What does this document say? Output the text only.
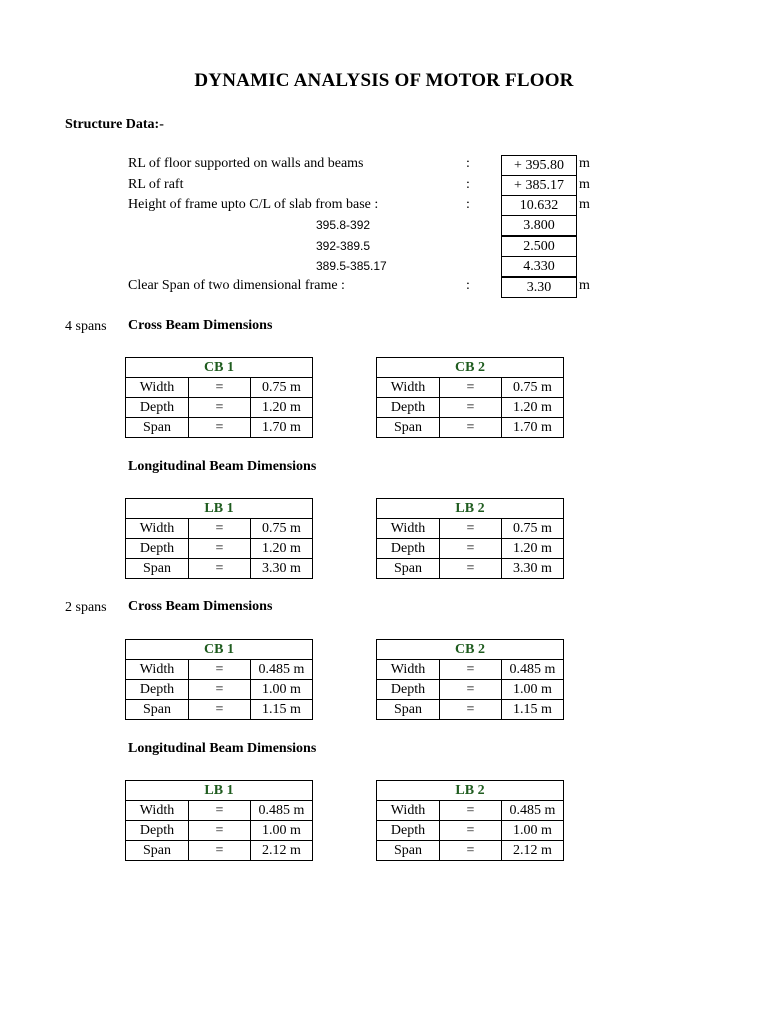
DYNAMIC ANALYSIS OF MOTOR FLOOR
Structure Data:-
RL of floor supported on walls and beams	:	+ 395.80	m
RL of raft	:	+ 385.17	m
Height of frame upto C/L of slab from base :	:	10.632	m
395.8-392	3.800
392-389.5	2.500
389.5-385.17	4.330
Clear Span of two dimensional frame :	:	3.30	m
4 spans Cross Beam Dimensions
CB 1		
Width	=	0.75 m
Depth	=	1.20 m
Span	=	1.70 m
CB 2		
Width	=	0.75 m
Depth	=	1.20 m
Span	=	1.70 m
Longitudinal Beam Dimensions
LB 1		
Width	=	0.75 m
Depth	=	1.20 m
Span	=	3.30 m
LB 2		
Width	=	0.75 m
Depth	=	1.20 m
Span	=	3.30 m
2 spans Cross Beam Dimensions
CB 1		
Width	=	0.485 m
Depth	=	1.00 m
Span	=	1.15 m
CB 2		
Width	=	0.485 m
Depth	=	1.00 m
Span	=	1.15 m
Longitudinal Beam Dimensions
LB 1		
Width	=	0.485 m
Depth	=	1.00 m
Span	=	2.12 m
LB 2		
Width	=	0.485 m
Depth	=	1.00 m
Span	=	2.12 m
